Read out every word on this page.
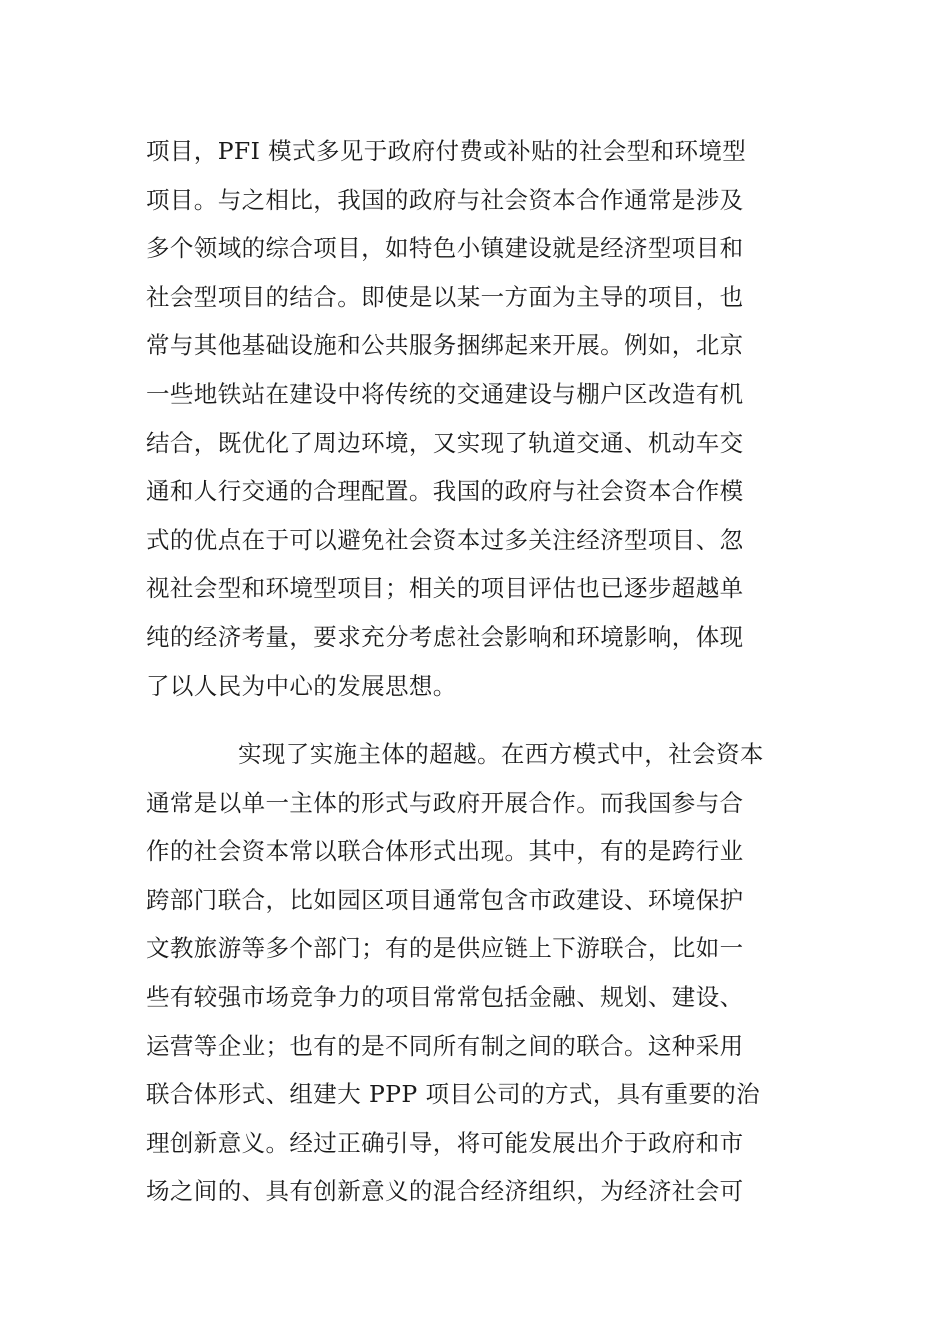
项目，PFI 模式多见于政府付费或补贴的社会型和环境型
项目。与之相比，我国的政府与社会资本合作通常是涉及
多个领域的综合项目，如特色小镇建设就是经济型项目和
社会型项目的结合。即使是以某一方面为主导的项目，也
常与其他基础设施和公共服务捆绑起来开展。例如，北京
一些地铁站在建设中将传统的交通建设与棚户区改造有机
结合，既优化了周边环境，又实现了轨道交通、机动车交
通和人行交通的合理配置。我国的政府与社会资本合作模
式的优点在于可以避免社会资本过多关注经济型项目、忽
视社会型和环境型项目；相关的项目评估也已逐步超越单
纯的经济考量，要求充分考虑社会影响和环境影响，体现
了以人民为中心的发展思想。
实现了实施主体的超越。在西方模式中，社会资本
通常是以单一主体的形式与政府开展合作。而我国参与合
作的社会资本常以联合体形式出现。其中，有的是跨行业
跨部门联合，比如园区项目通常包含市政建设、环境保护
文教旅游等多个部门；有的是供应链上下游联合，比如一
些有较强市场竞争力的项目常常包括金融、规划、建设、
运营等企业；也有的是不同所有制之间的联合。这种采用
联合体形式、组建大 PPP 项目公司的方式，具有重要的治
理创新意义。经过正确引导，将可能发展出介于政府和市
场之间的、具有创新意义的混合经济组织，为经济社会可
